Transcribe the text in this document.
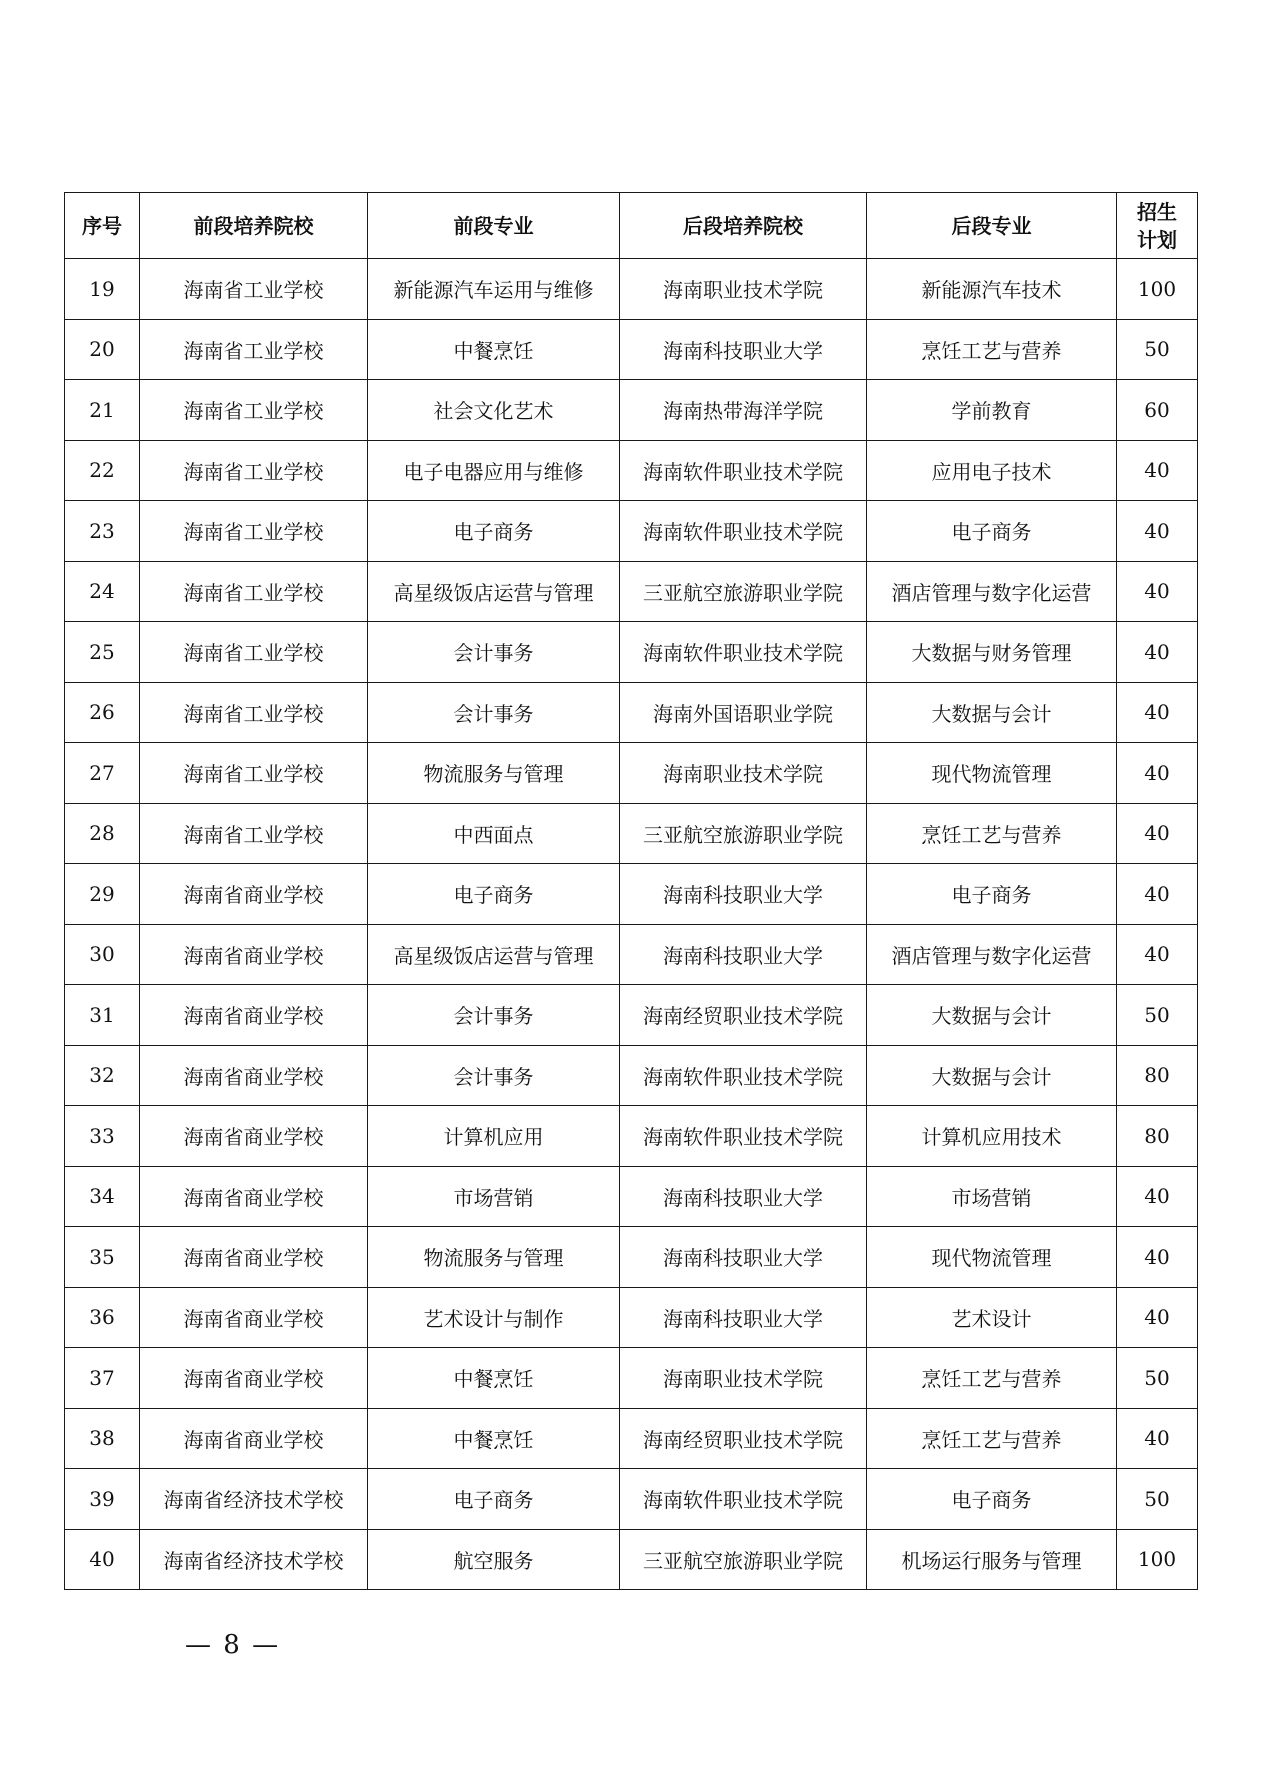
序号	前段培养院校	前段专业	后段培养院校	后段专业	招生
计划

19	海南省工业学校	新能源汽车运用与维修	海南职业技术学院	新能源汽车技术	100
20	海南省工业学校	中餐烹饪	海南科技职业大学	烹饪工艺与营养	50
21	海南省工业学校	社会文化艺术	海南热带海洋学院	学前教育	60
22	海南省工业学校	电子电器应用与维修	海南软件职业技术学院	应用电子技术	40
23	海南省工业学校	电子商务	海南软件职业技术学院	电子商务	40
24	海南省工业学校	高星级饭店运营与管理	三亚航空旅游职业学院	酒店管理与数字化运营	40
25	海南省工业学校	会计事务	海南软件职业技术学院	大数据与财务管理	40
26	海南省工业学校	会计事务	海南外国语职业学院	大数据与会计	40
27	海南省工业学校	物流服务与管理	海南职业技术学院	现代物流管理	40
28	海南省工业学校	中西面点	三亚航空旅游职业学院	烹饪工艺与营养	40
29	海南省商业学校	电子商务	海南科技职业大学	电子商务	40
30	海南省商业学校	高星级饭店运营与管理	海南科技职业大学	酒店管理与数字化运营	40
31	海南省商业学校	会计事务	海南经贸职业技术学院	大数据与会计	50
32	海南省商业学校	会计事务	海南软件职业技术学院	大数据与会计	80
33	海南省商业学校	计算机应用	海南软件职业技术学院	计算机应用技术	80
34	海南省商业学校	市场营销	海南科技职业大学	市场营销	40
35	海南省商业学校	物流服务与管理	海南科技职业大学	现代物流管理	40
36	海南省商业学校	艺术设计与制作	海南科技职业大学	艺术设计	40
37	海南省商业学校	中餐烹饪	海南职业技术学院	烹饪工艺与营养	50
38	海南省商业学校	中餐烹饪	海南经贸职业技术学院	烹饪工艺与营养	40
39	海南省经济技术学校	电子商务	海南软件职业技术学院	电子商务	50
40	海南省经济技术学校	航空服务	三亚航空旅游职业学院	机场运行服务与管理	100
— 8 —
